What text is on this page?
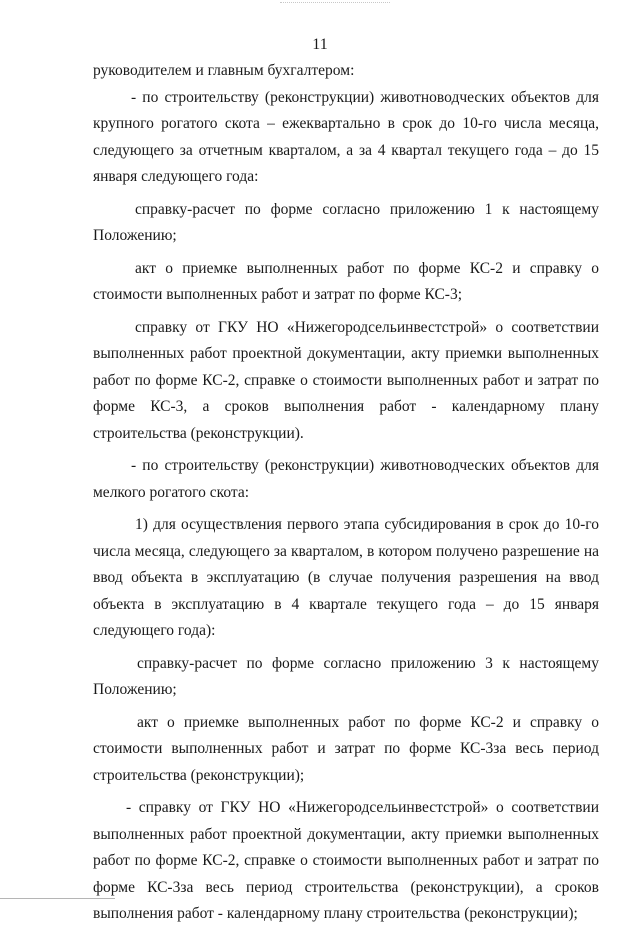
11

руководителем и главным бухгалтером:

- по строительству (реконструкции) животноводческих объектов для крупного рогатого скота – ежеквартально в срок до 10-го числа месяца, следующего за отчетным кварталом, а за 4 квартал текущего года – до 15 января следующего года:

справку-расчет по форме согласно приложению 1 к настоящему Положению;

акт о приемке выполненных работ по форме КС-2 и справку о стоимости выполненных работ и затрат по форме КС-3;

справку от ГКУ НО «Нижегородсельинвестстрой» о соответствии выполненных работ проектной документации, акту приемки выполненных работ по форме КС-2, справке о стоимости выполненных работ и затрат по форме КС-3, а сроков выполнения работ - календарному плану строительства (реконструкции).

- по строительству (реконструкции) животноводческих объектов для мелкого рогатого скота:

1) для осуществления первого этапа субсидирования в срок до 10-го числа месяца, следующего за кварталом, в котором получено разрешение на ввод объекта в эксплуатацию (в случае получения разрешения на ввод объекта в эксплуатацию в 4 квартале текущего года – до 15 января следующего года):

справку-расчет по форме согласно приложению 3 к настоящему Положению;

акт о приемке выполненных работ по форме КС-2 и справку о стоимости выполненных работ и затрат по форме КС-3за весь период строительства (реконструкции);

- справку от ГКУ НО «Нижегородсельинвестстрой» о соответствии выполненных работ проектной документации, акту приемки выполненных работ по форме КС-2, справке о стоимости выполненных работ и затрат по форме КС-3за весь период строительства (реконструкции), а сроков выполнения работ - календарному плану строительства (реконструкции);
